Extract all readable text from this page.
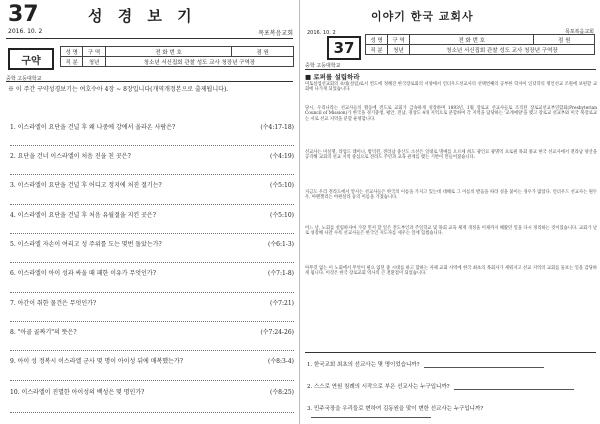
37
2016. 10. 2
성 경 보 기
목포복음교회
구약
성 명	구 역	전 화 번 호	점 원
직 분	청년	청소년 서신집회 관찰 성도 교사 청장년 구역장	
중학 고등대학교
※ 이 주간 구약성경보기는 여호수아 4장 ~ 8장입니다(개역개정본으로 출제됩니다).
1. 이스라엘이 요단을 건널 후 왜 나중에 강에서 올라온 사람은?	(수4:17-18)
2. 요단을 건너 이스라엘이 처음 진을 친 곳은?	(수4:19)
3. 이스라엘이 요단을 건널 후 어디고 정지에 처진 절기는?	(수5:10)
4. 이스라엘이 요단을 건널 후 처음 유월절을 지킨 곳은?	(수5:10)
5. 이스라엘 자손이 여리고 성 주위를 도는 몇번 돌았는가?	(수6:1-3)
6. 이스라엘이 아이 성과 싸울 때 패한 이유가 무엇인가?	(수7:1-8)
7. 아간이 취한 물건은 무엇인가?	(수7:21)
8. "아골 골짜기"의 뜻은?	(수7:24-26)
9. 아이 성 정복시 이스라엘 군사 몇 명이 아이성 뒤에 매복했는가?	(수8:3-4)
10. 이스라엘이 진멸한 아이성의 백성은 몇 명인가?	(수8:25)
이야기 한국 교회사
2016. 10. 2	목포복음교회
37	성 명	구 역	전 화 번 호	점 원
직 분	청년	청소년 서신집회 관찰 성도 교사 청장년 구역장	
중학 고등대학교
■ 로퍼를 설립하라
미토설업선교회의 초대(설립)로서 컨도에 정해진 한국장로회의 서양에서 언더우드선교사의 선택번째의 공부한 학자이 인더학의 명인선교 조원에 보편할 교회에 나가게 되었습니다.
당시, 우리나라는 선교사들의 활동에 전도로 교회가 급속하게 성장하며 1893년, 1월 장로교 선교사들로 조직된 장로교선교부연합회(Presbyterian Council of Mission)가 한국을 경기충청, 평안, 전남, 경상도 4개 지역으로 분할하여 각 지역을 담당하는 '교계예양'을 맺고 장로교 선교부와 미국 북장로교는 서로 선교 지역을 분할 운영합니다.
선교사는 미실명, 라업드 레이니, 밤덕윈, 전라남 중산도 소선은 일대로 명예를 오르세 희도 광인료 광명역 프로필 목회 종교 한국 선교사에서 전라남 양산을 공격해 교회의 선교 지역 중심으로 전라도 주민과 교육 관계를 맺는 기반이 만들어졌습니다.
지금도 우리 전라도에서 앞서는 선교사들은 한국의 이름을 가지고 있는데 대해로 그 이름의 발음을 따라 성을 붙이는 경우가 많았다. 언더우드 선교사는 원두우, 아펜젤러는 아편설라 등의 이름을 가졌습니다.
어느 날, 노회를 설립하자마 가장 먼저 할 일은 전도부인과 주일학교 및 목회 교육 체계 개정을 이제까지 해왔던 일을 다시 정리하는 것이었습니다. 교회가 날로 성장해 나갈 수록 선교사들은 한국인 지도자를 세우는 일에 힘썼습니다.
아무것 없는 이 노회에서 무엇이 필요 없던 중 시대를 하고 합하는 자체 교회 사역에 한국 최초의 목회자가 세워지고 선교 지역의 교회를 돌보는 일을 감당하게 됩니다. 이것은 한국 장로교회 역사의 큰 전환점이 되었습니다.
1. 한국교회 최초의 선교사는 몇 명이었습니까?
2. 스스로 연원 침례의 시작으로 부은 선교사는 누구입니까?
3. 민주국장을 우리들로 변하여 김동원을 맞이 변한 선교사는 누구입니까?
